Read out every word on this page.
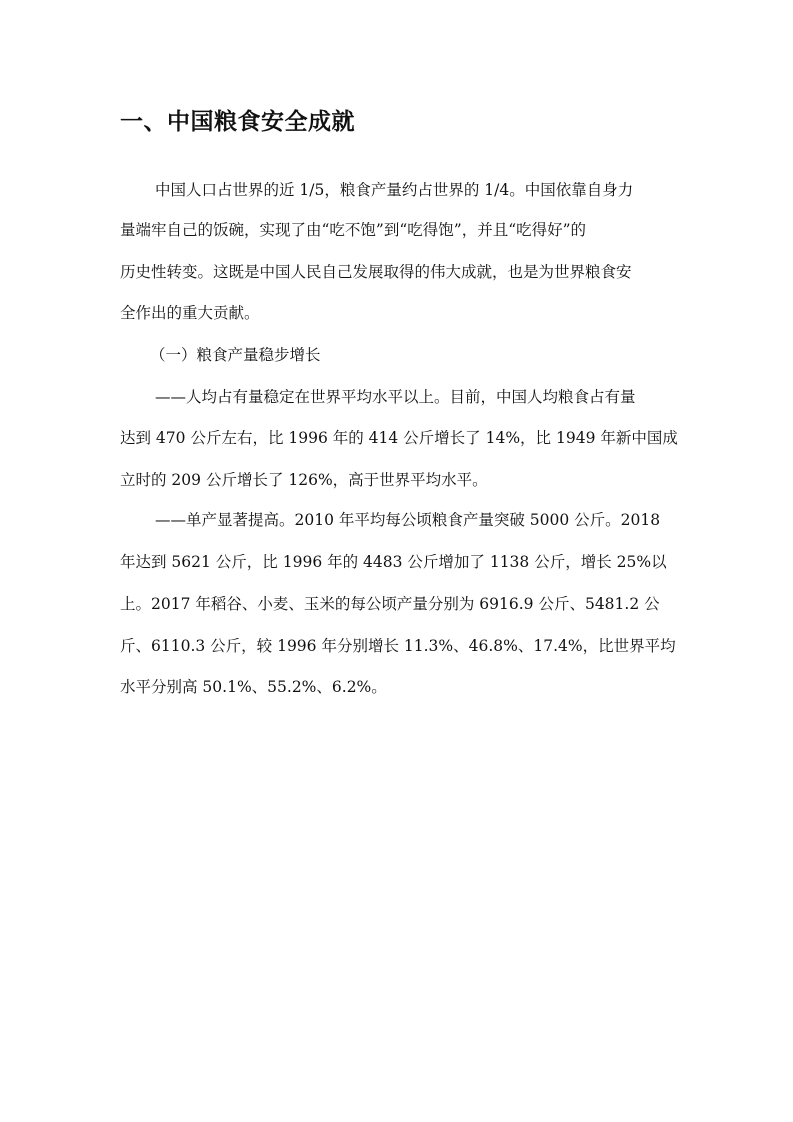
一、中国粮食安全成就

中国人口占世界的近 1/5，粮食产量约占世界的 1/4。中国依靠自身力

量端牢自己的饭碗，实现了由“吃不饱”到“吃得饱”，并且“吃得好”的

历史性转变。这既是中国人民自己发展取得的伟大成就，也是为世界粮食安

全作出的重大贡献。

（一）粮食产量稳步增长

——人均占有量稳定在世界平均水平以上。目前，中国人均粮食占有量

达到 470 公斤左右，比 1996 年的 414 公斤增长了 14%，比 1949 年新中国成

立时的 209 公斤增长了 126%，高于世界平均水平。

——单产显著提高。2010 年平均每公顷粮食产量突破 5000 公斤。2018

年达到 5621 公斤，比 1996 年的 4483 公斤增加了 1138 公斤，增长 25%以

上。2017 年稻谷、小麦、玉米的每公顷产量分别为 6916.9 公斤、5481.2 公

斤、6110.3 公斤，较 1996 年分别增长 11.3%、46.8%、17.4%，比世界平均

水平分别高 50.1%、55.2%、6.2%。
